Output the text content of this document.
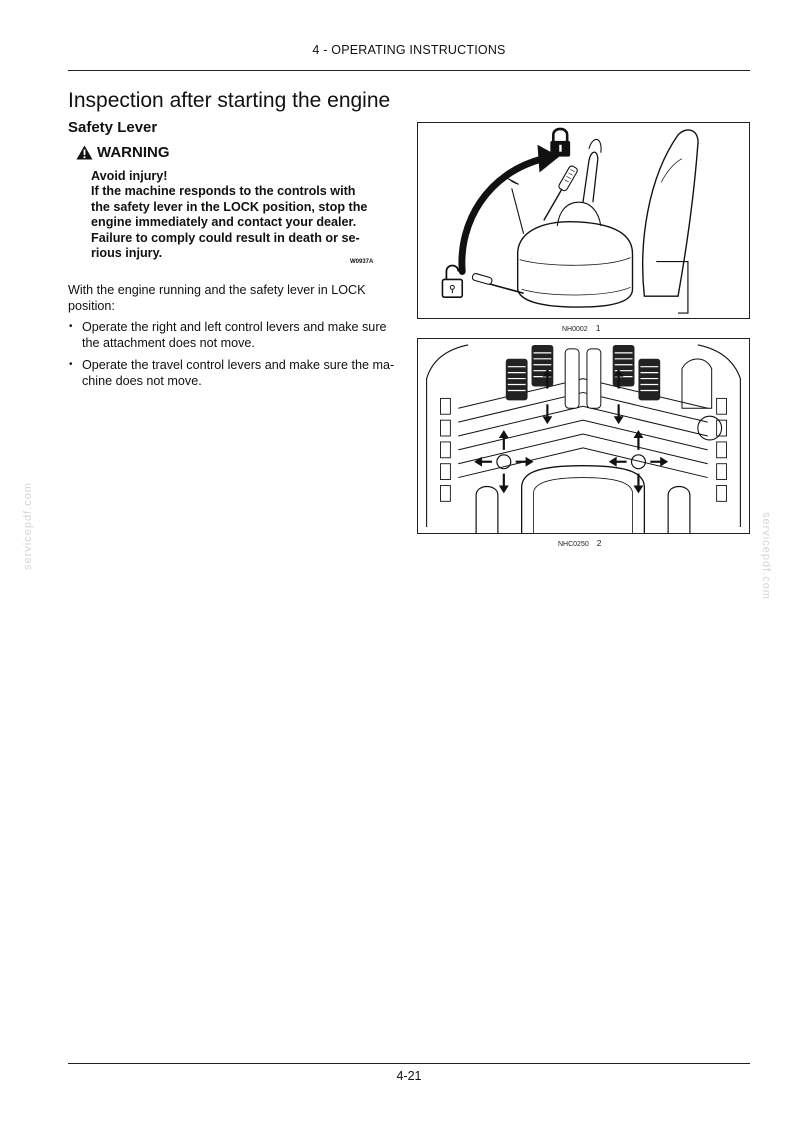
4 - OPERATING INSTRUCTIONS
Inspection after starting the engine
Safety Lever
WARNING
Avoid injury!
If the machine responds to the controls with
the safety lever in the LOCK position, stop the
engine immediately and contact your dealer.
Failure to comply could result in death or se-
rious injury.
W0937A
With the engine running and the safety lever in LOCK
position:
• Operate the right and left control levers and make sure
the attachment does not move.
• Operate the travel control levers and make sure the ma-
chine does not move.
NH0002 1
NHC0250 2
servicepdf.com	servicepdf.com
4-21
